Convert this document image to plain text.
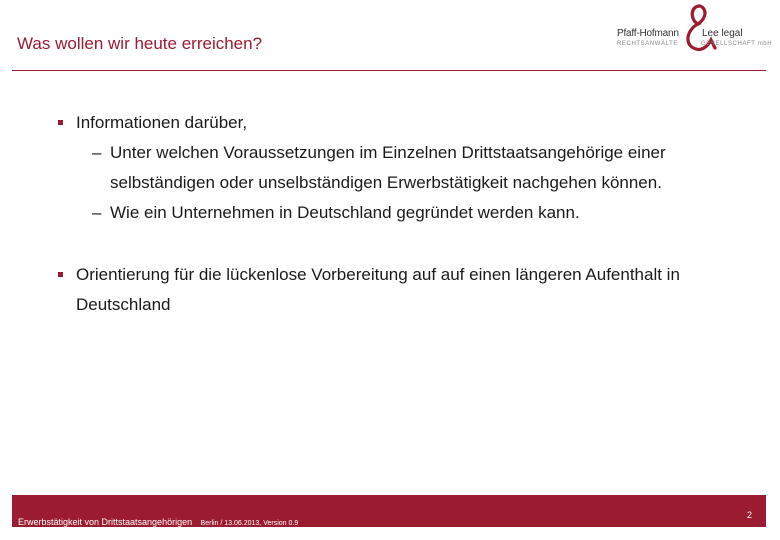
Was wollen wir heute erreichen?
Pfaff-Hofmann Lee legal
RECHTSANWÄLTE	GESELLSCHAFT mbH
Informationen darüber,
– Unter welchen Voraussetzungen im Einzelnen Drittstaatsangehörige einer selbständigen oder unselbständigen Erwerbstätigkeit nachgehen können.
– Wie ein Unternehmen in Deutschland gegründet werden kann.
Orientierung für die lückenlose Vorbereitung auf auf einen längeren Aufenthalt in Deutschland
Erwerbstätigkeit von Drittstaatsangehörigen Berlin / 13.06.2013, Version 0.9
2
